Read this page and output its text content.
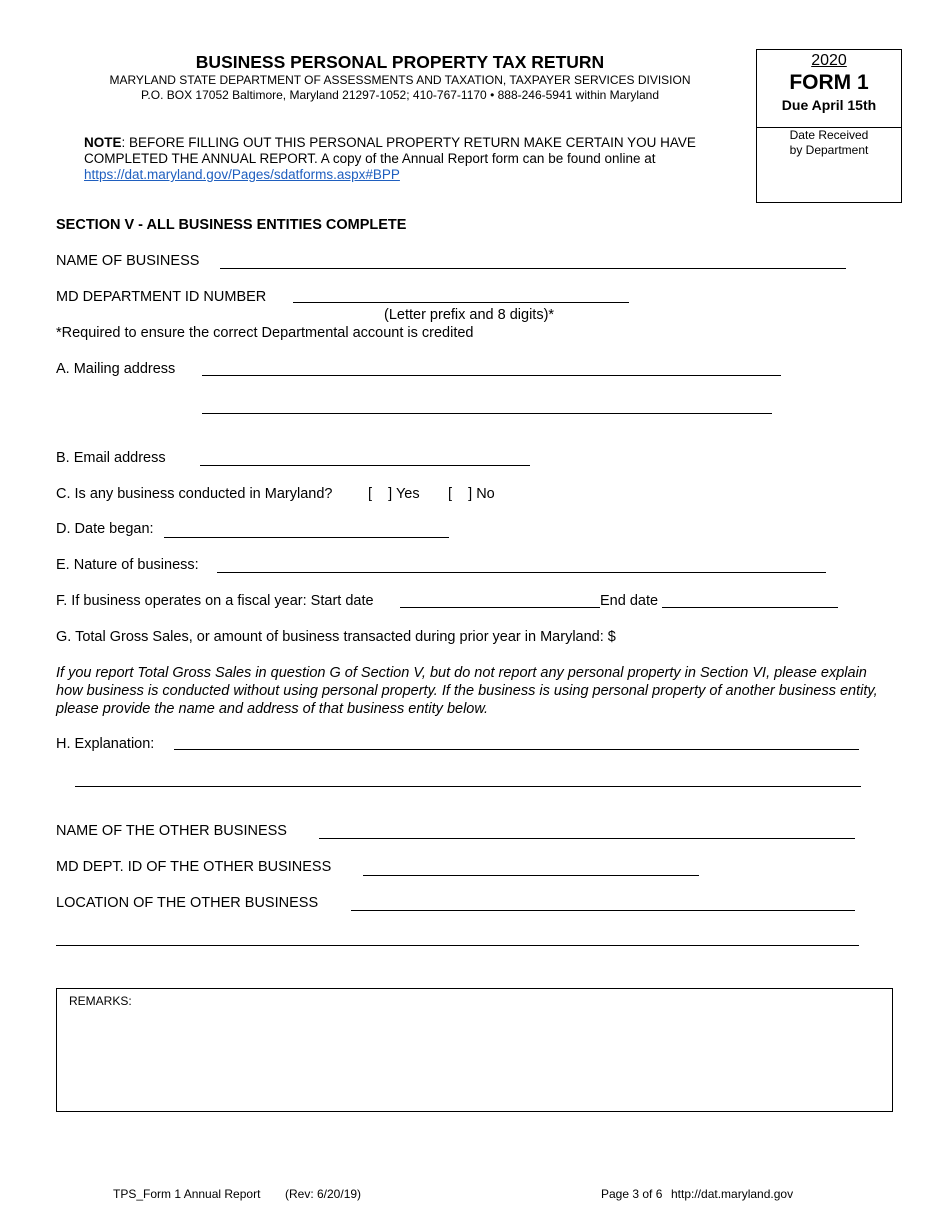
BUSINESS PERSONAL PROPERTY TAX RETURN
MARYLAND STATE DEPARTMENT OF ASSESSMENTS AND TAXATION, TAXPAYER SERVICES DIVISION
P.O. BOX 17052 Baltimore, Maryland 21297-1052; 410-767-1170 • 888-246-5941 within Maryland
2020
FORM 1
Due April 15th
Date Received
by Department
NOTE: BEFORE FILLING OUT THIS PERSONAL PROPERTY RETURN MAKE CERTAIN YOU HAVE COMPLETED THE ANNUAL REPORT. A copy of the Annual Report form can be found online at https://dat.maryland.gov/Pages/sdatforms.aspx#BPP
SECTION V - ALL BUSINESS ENTITIES COMPLETE
NAME OF BUSINESS
MD DEPARTMENT ID NUMBER
(Letter prefix and 8 digits)*
*Required to ensure the correct Departmental account is credited
A. Mailing address
B. Email address
C. Is any business conducted in Maryland? [    ] Yes [    ] No
D. Date began:
E. Nature of business:
F. If business operates on a fiscal year: Start date	End date
G. Total Gross Sales, or amount of business transacted during prior year in Maryland: $
If you report Total Gross Sales in question G of Section V, but do not report any personal property in Section VI, please explain how business is conducted without using personal property. If the business is using personal property of another business entity, please provide the name and address of that business entity below.
H. Explanation:
NAME OF THE OTHER BUSINESS
MD DEPT. ID OF THE OTHER BUSINESS
LOCATION OF THE OTHER BUSINESS
REMARKS:
TPS_Form 1 Annual Report (Rev: 6/20/19)	Page 3 of 6 http://dat.maryland.gov
